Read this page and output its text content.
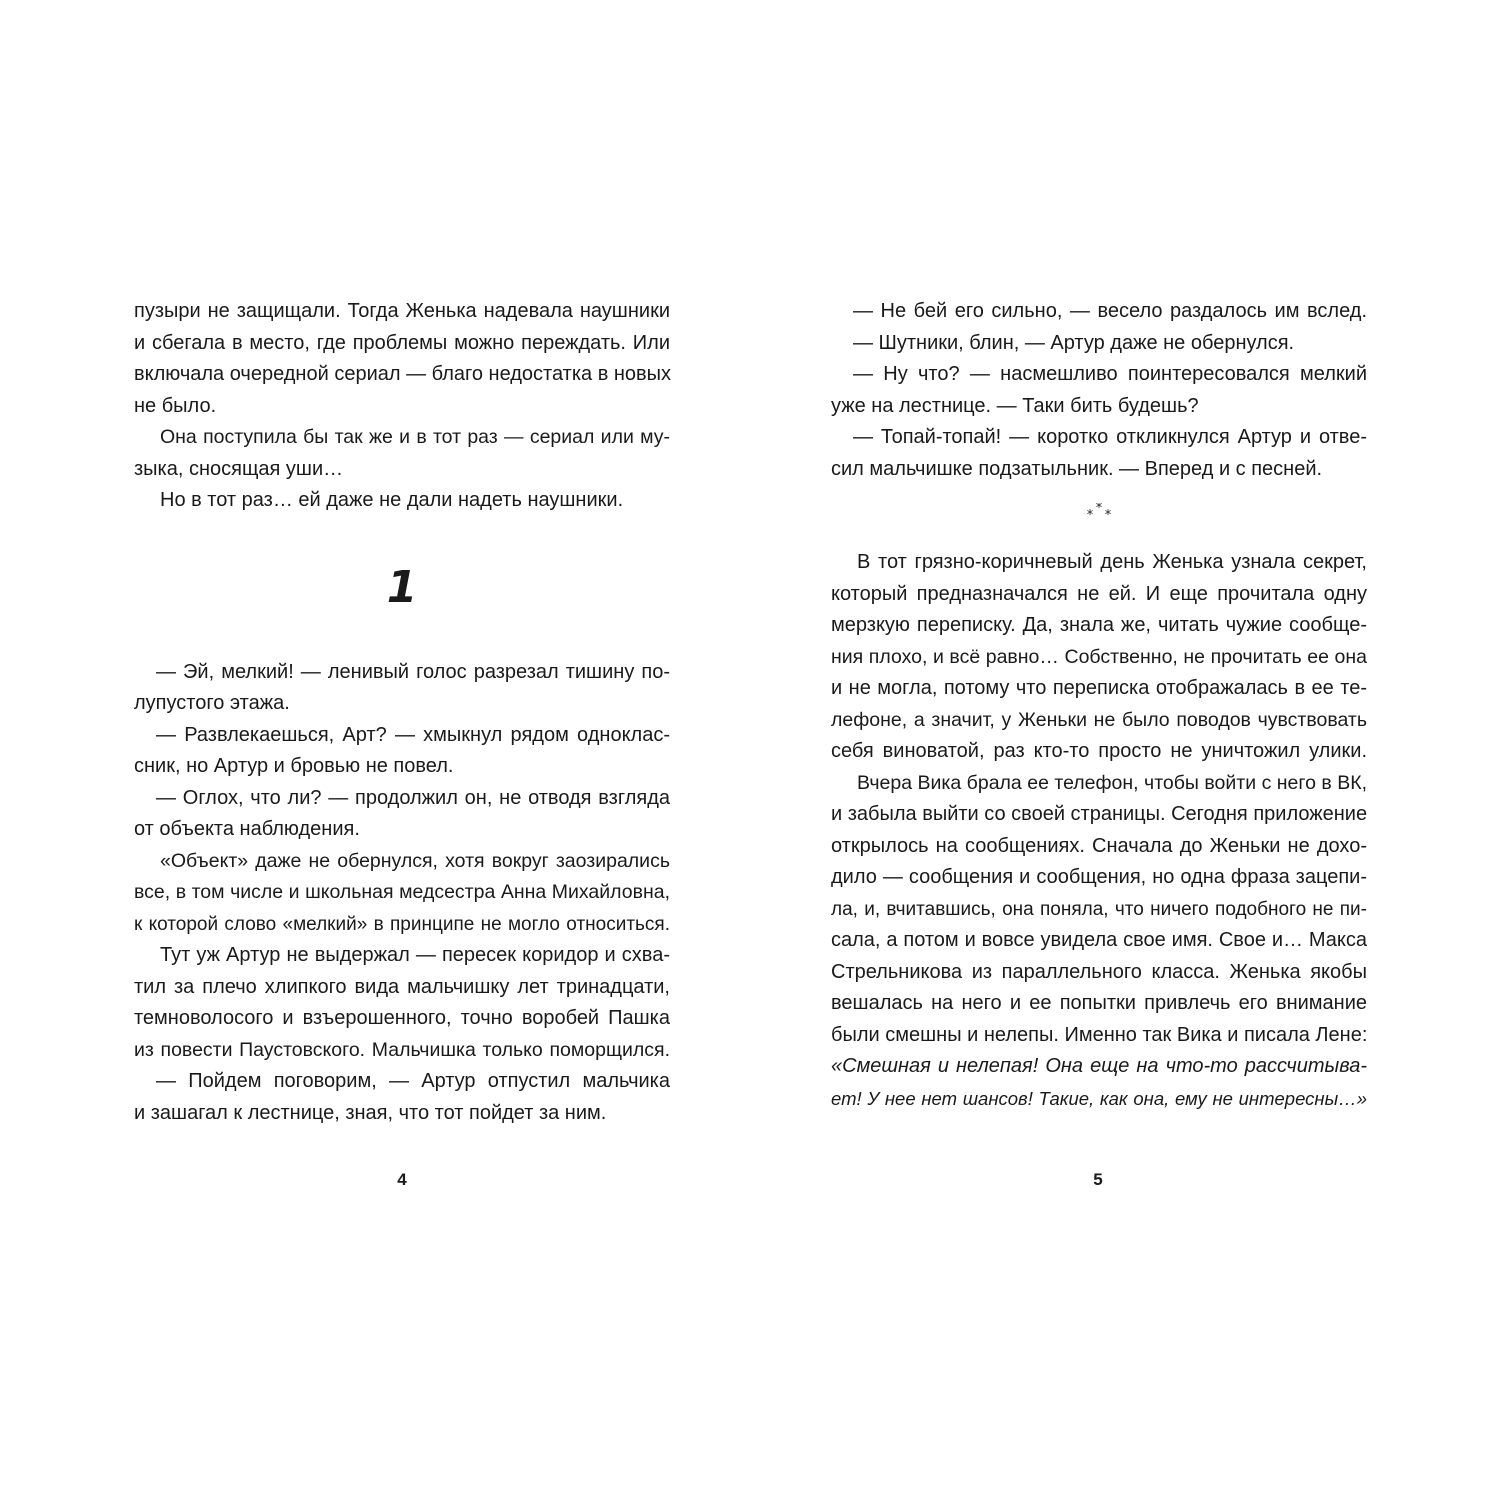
пузыри не защищали. Тогда Женька надевала наушники
и сбегала в место, где проблемы можно переждать. Или
включала очередной сериал — благо недостатка в новых
не было.
Она поступила бы так же и в тот раз — сериал или му-
зыка, сносящая уши…
Но в тот раз… ей даже не дали надеть наушники.
1
— Эй, мелкий! — ленивый голос разрезал тишину по-
лупустого этажа.
— Развлекаешься, Арт? — хмыкнул рядом одноклас-
сник, но Артур и бровью не повел.
— Оглох, что ли? — продолжил он, не отводя взгляда
от объекта наблюдения.
«Объект» даже не обернулся, хотя вокруг заозирались
все, в том числе и школьная медсестра Анна Михайловна,
к которой слово «мелкий» в принципе не могло относиться.
Тут уж Артур не выдержал — пересек коридор и схва-
тил за плечо хлипкого вида мальчишку лет тринадцати,
темноволосого и взъерошенного, точно воробей Пашка
из повести Паустовского. Мальчишка только поморщился.
— Пойдем поговорим, — Артур отпустил мальчика
и зашагал к лестнице, зная, что тот пойдет за ним.
— Не бей его сильно, — весело раздалось им вслед.
— Шутники, блин, — Артур даже не обернулся.
— Ну что? — насмешливо поинтересовался мелкий
уже на лестнице. — Таки бить будешь?
— Топай-топай! — коротко откликнулся Артур и отве-
сил мальчишке подзатыльник. — Вперед и с песней.
*
* *
В тот грязно-коричневый день Женька узнала секрет,
который предназначался не ей. И еще прочитала одну
мерзкую переписку. Да, знала же, читать чужие сообще-
ния плохо, и всё равно… Собственно, не прочитать ее она
и не могла, потому что переписка отображалась в ее те-
лефоне, а значит, у Женьки не было поводов чувствовать
себя виноватой, раз кто-то просто не уничтожил улики.
Вчера Вика брала ее телефон, чтобы войти с него в ВК,
и забыла выйти со своей страницы. Сегодня приложение
открылось на сообщениях. Сначала до Женьки не дохо-
дило — сообщения и сообщения, но одна фраза зацепи-
ла, и, вчитавшись, она поняла, что ничего подобного не пи-
сала, а потом и вовсе увидела свое имя. Свое и… Макса
Стрельникова из параллельного класса. Женька якобы
вешалась на него и ее попытки привлечь его внимание
были смешны и нелепы. Именно так Вика и писала Лене:
«Смешная и нелепая! Она еще на что-то рассчитыва-
ет! У нее нет шансов! Такие, как она, ему не интересны…»
4	5
